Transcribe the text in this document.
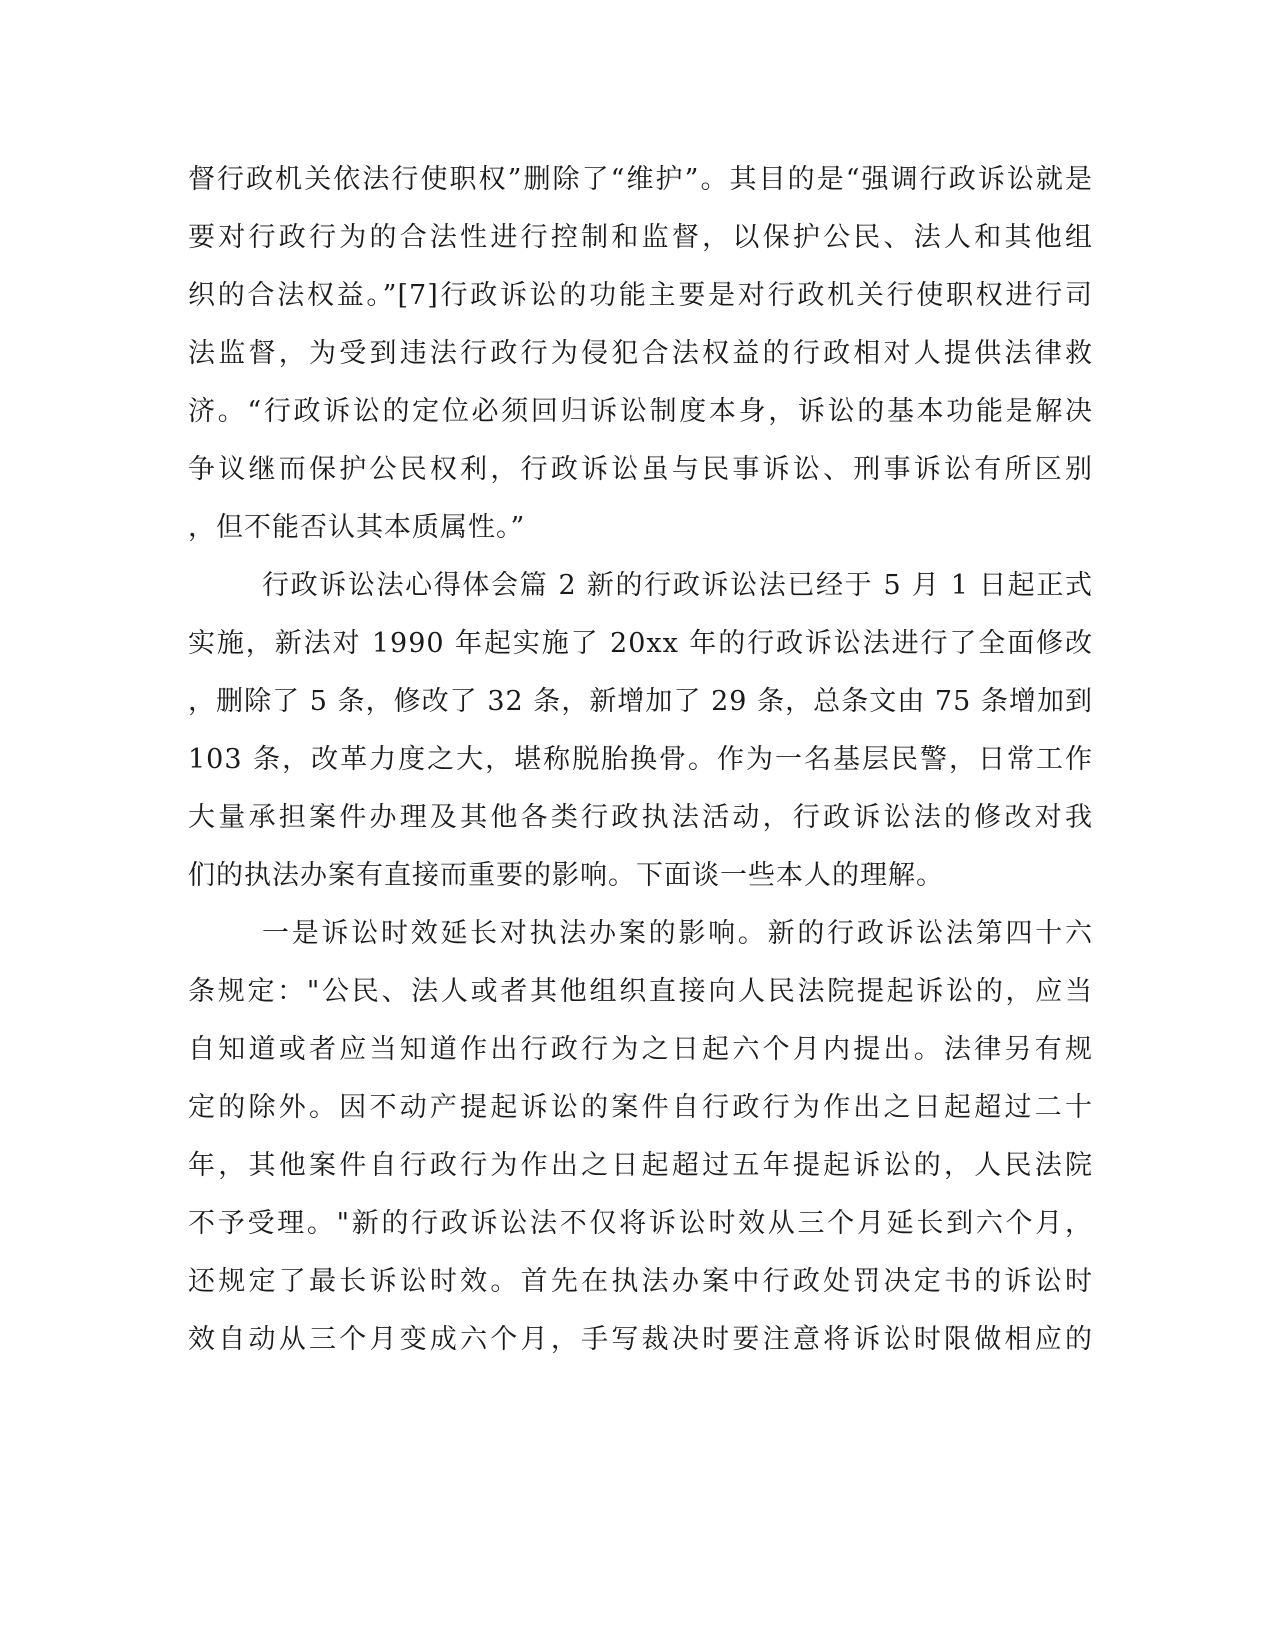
督行政机关依法行使职权”删除了“维护”。其目的是“强调行政诉讼就是
要对行政行为的合法性进行控制和监督，以保护公民、法人和其他组
织的合法权益。”[7]行政诉讼的功能主要是对行政机关行使职权进行司
法监督，为受到违法行政行为侵犯合法权益的行政相对人提供法律救
济。“行政诉讼的定位必须回归诉讼制度本身，诉讼的基本功能是解决
争议继而保护公民权利，行政诉讼虽与民事诉讼、刑事诉讼有所区别
，但不能否认其本质属性。”
行政诉讼法心得体会篇 2 新的行政诉讼法已经于 5 月 1 日起正式
实施，新法对 1990 年起实施了 20xx 年的行政诉讼法进行了全面修改
，删除了 5 条，修改了 32 条，新增加了 29 条，总条文由 75 条增加到
103 条，改革力度之大，堪称脱胎换骨。作为一名基层民警，日常工作
大量承担案件办理及其他各类行政执法活动，行政诉讼法的修改对我
们的执法办案有直接而重要的影响。下面谈一些本人的理解。
一是诉讼时效延长对执法办案的影响。新的行政诉讼法第四十六
条规定："公民、法人或者其他组织直接向人民法院提起诉讼的，应当
自知道或者应当知道作出行政行为之日起六个月内提出。法律另有规
定的除外。因不动产提起诉讼的案件自行政行为作出之日起超过二十
年，其他案件自行政行为作出之日起超过五年提起诉讼的，人民法院
不予受理。"新的行政诉讼法不仅将诉讼时效从三个月延长到六个月，
还规定了最长诉讼时效。首先在执法办案中行政处罚决定书的诉讼时
效自动从三个月变成六个月，手写裁决时要注意将诉讼时限做相应的
